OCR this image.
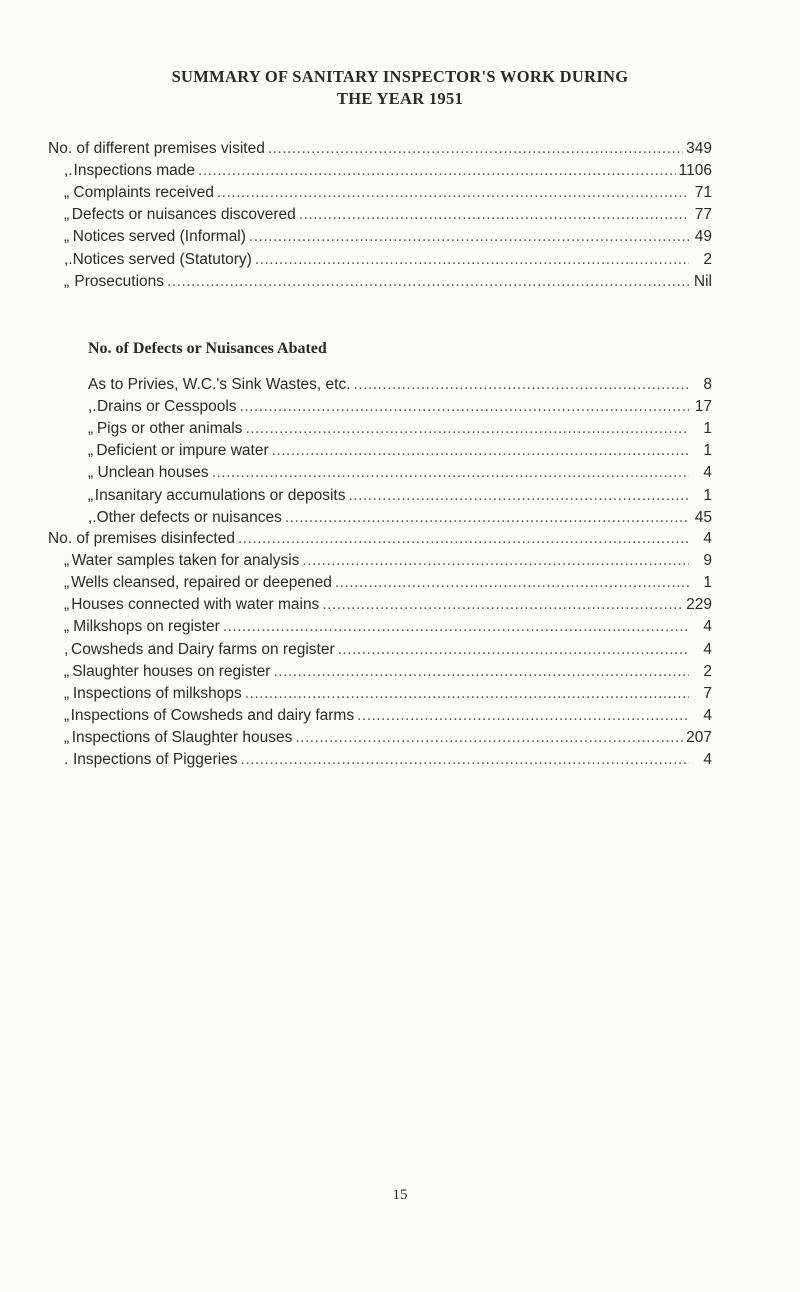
SUMMARY OF SANITARY INSPECTOR'S WORK DURING
THE YEAR 1951
No. of different premises visited .....	349
,. Inspections made .....	1106
„ Complaints received .....	71
„ Defects or nuisances discovered .....	77
„ Notices served (Informal) .....	49
,. Notices served (Statutory) .....	2
„ Prosecutions .....	Nil
As to Privies, W.C.'s Sink Wastes, etc. .....	8
,. Drains or Cesspools .....	17
„ Pigs or other animals .....	1
„ Deficient or impure water .....	1
„ Unclean houses .....	4
„ Insanitary accumulations or deposits .....	1
,. Other defects or nuisances .....	45
No. of premises disinfected .....	4
„ Water samples taken for analysis .....	9
„ Wells cleansed, repaired or deepened .....	1
„ Houses connected with water mains .....	229
„ Milkshops on register .....	4
, Cowsheds and Dairy farms on register .....	4
„ Slaughter houses on register .....	2
„ Inspections of milkshops .....	7
„ Inspections of Cowsheds and dairy farms .....	4
„ Inspections of Slaughter houses .....	207
. Inspections of Piggeries .....	4
No. of Defects or Nuisances Abated
15
